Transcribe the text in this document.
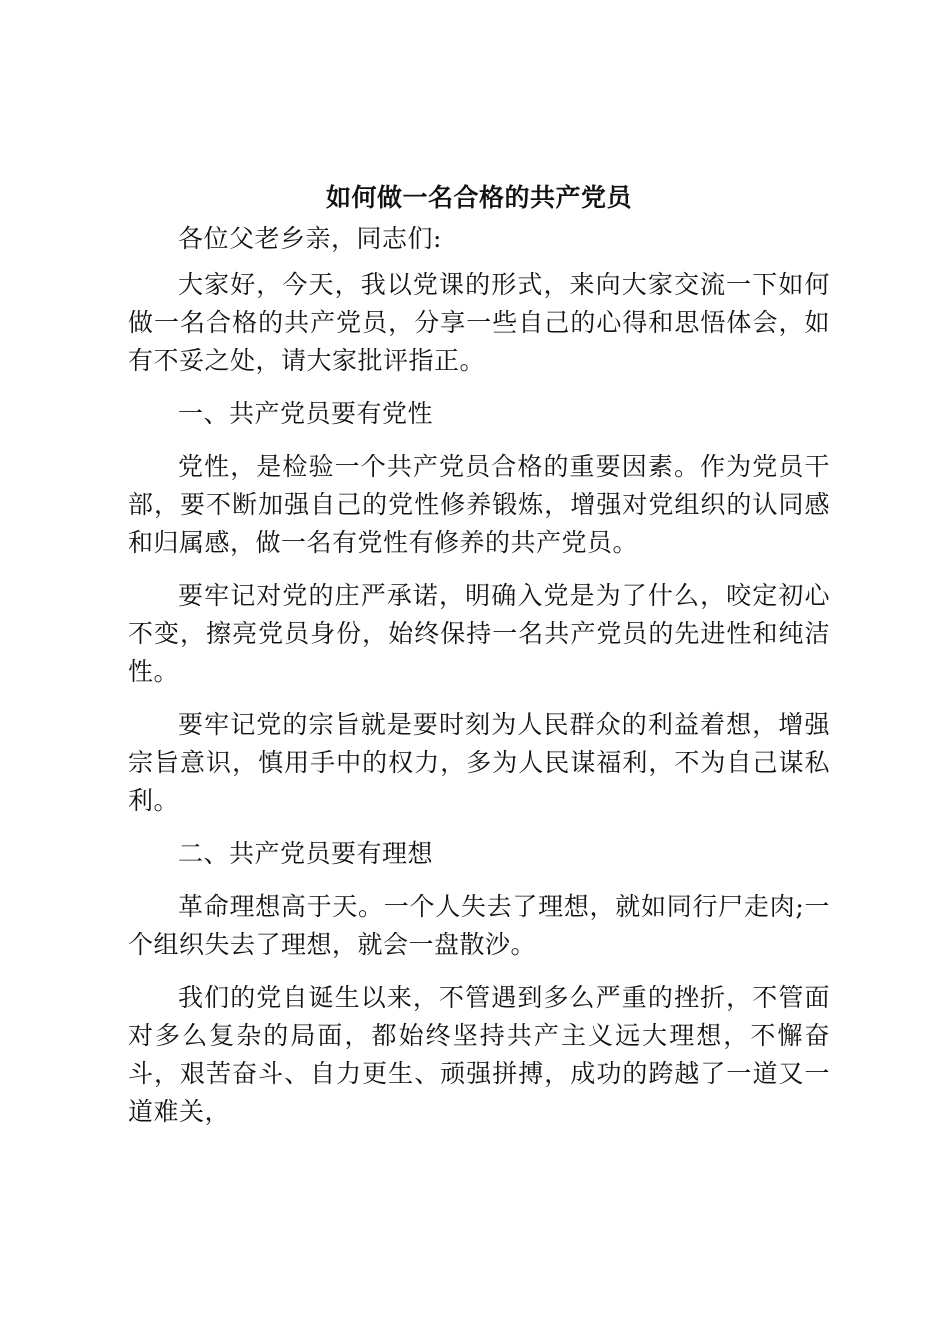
如何做一名合格的共产党员

各位父老乡亲，同志们:

大家好，今天，我以党课的形式，来向大家交流一下如何做一名合格的共产党员，分享一些自己的心得和思悟体会，如有不妥之处，请大家批评指正。

一、共产党员要有党性

党性，是检验一个共产党员合格的重要因素。作为党员干部，要不断加强自己的党性修养锻炼，增强对党组织的认同感和归属感，做一名有党性有修养的共产党员。

要牢记对党的庄严承诺，明确入党是为了什么，咬定初心不变，擦亮党员身份，始终保持一名共产党员的先进性和纯洁性。

要牢记党的宗旨就是要时刻为人民群众的利益着想，增强宗旨意识，慎用手中的权力，多为人民谋福利，不为自己谋私利。

二、共产党员要有理想

革命理想高于天。一个人失去了理想，就如同行尸走肉;一个组织失去了理想，就会一盘散沙。

我们的党自诞生以来，不管遇到多么严重的挫折，不管面对多么复杂的局面，都始终坚持共产主义远大理想，不懈奋斗，艰苦奋斗、自力更生、顽强拼搏，成功的跨越了一道又一道难关，
